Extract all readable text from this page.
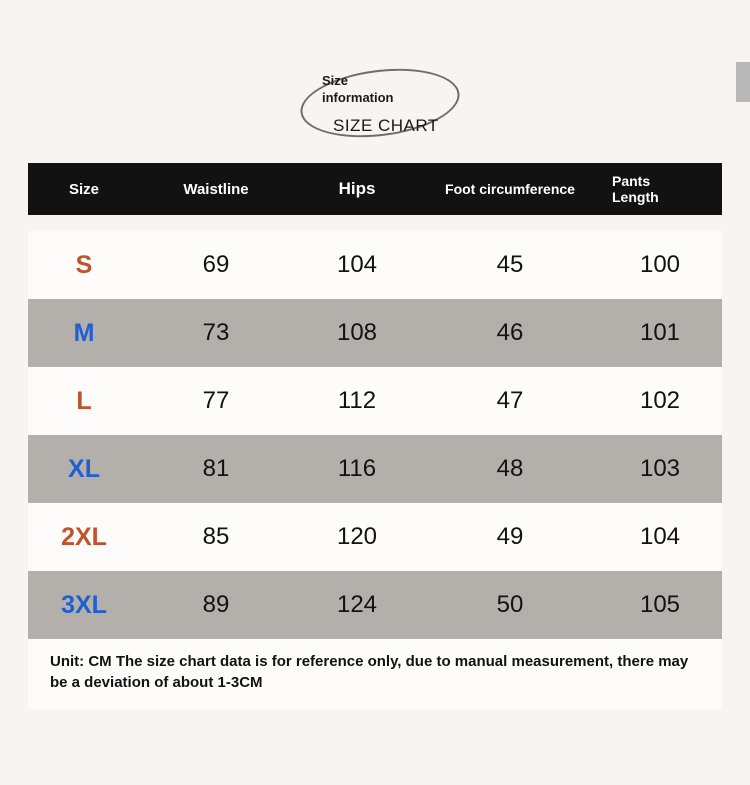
Size
information
SIZE CHART
Size	Waistline	Hips	Foot circumference	Pants
Length
S	69	104	45	100
M	73	108	46	101
L	77	112	47	102
XL	81	116	48	103
2XL	85	120	49	104
3XL	89	124	50	105
Unit: CM The size chart data is for reference only, due to manual measurement, there may be a deviation of about 1-3CM
